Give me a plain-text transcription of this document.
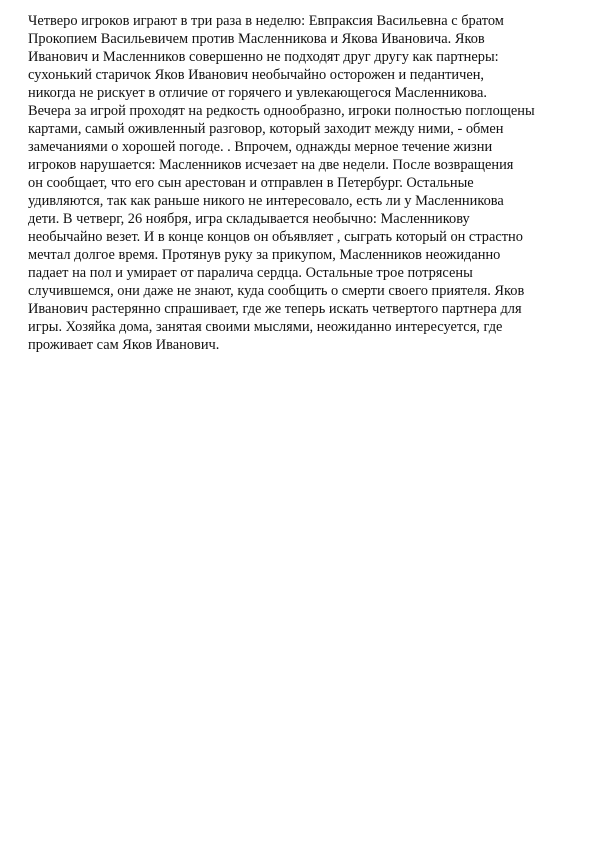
Четверо игроков играют в три раза в неделю: Евпраксия Васильевна с братом
Прокопием Васильевичем против Масленникова и Якова Ивановича. Яков
Иванович и Масленников совершенно не подходят друг другу как партнеры:
сухонький старичок Яков Иванович необычайно осторожен и педантичен,
никогда не рискует в отличие от горячего и увлекающегося Масленникова.
Вечера за игрой проходят на редкость однообразно, игроки полностью поглощены
картами, самый оживленный разговор, который заходит между ними, - обмен
замечаниями о хорошей погоде. . Впрочем, однажды мерное течение жизни
игроков нарушается: Масленников исчезает на две недели. После возвращения
он сообщает, что его сын арестован и отправлен в Петербург. Остальные
удивляются, так как раньше никого не интересовало, есть ли у Масленникова
дети. В четверг, 26 ноября, игра складывается необычно: Масленникову
необычайно везет. И в конце концов он объявляет , сыграть который он страстно
мечтал долгое время. Протянув руку за прикупом, Масленников неожиданно
падает на пол и умирает от паралича сердца. Остальные трое потрясены
случившемся, они даже не знают, куда сообщить о смерти своего приятеля. Яков
Иванович растерянно спрашивает, где же теперь искать четвертого партнера для
игры. Хозяйка дома, занятая своими мыслями, неожиданно интересуется, где
проживает сам Яков Иванович.
